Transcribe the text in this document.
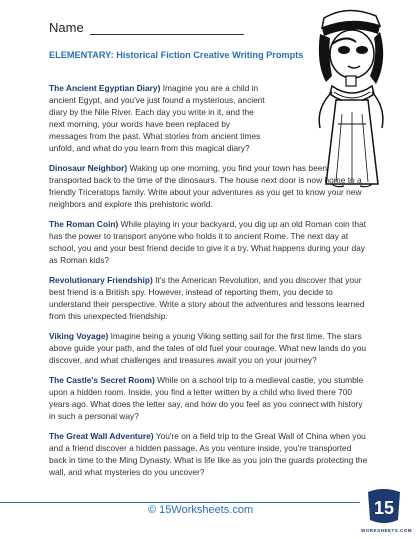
Name
ELEMENTARY: Historical Fiction Creative Writing Prompts

The Ancient Egyptian Diary) Imagine you are a child in ancient Egypt, and you've just found a mysterious, ancient diary by the Nile River. Each day you write in it, and the next morning, your words have been replaced by messages from the past. What stories from ancient times unfold, and what do you learn from this magical diary?

Dinosaur Neighbor) Waking up one morning, you find your town has been transported back to the time of the dinosaurs. The house next door is now home to a friendly Triceratops family. Write about your adventures as you get to know your new neighbors and explore this prehistoric world.

The Roman Coin) While playing in your backyard, you dig up an old Roman coin that has the power to transport anyone who holds it to ancient Rome. The next day at school, you and your best friend decide to give it a try. What happens during your day as Roman kids?

Revolutionary Friendship) It's the American Revolution, and you discover that your best friend is a British spy. However, instead of reporting them, you decide to understand their perspective. Write a story about the adventures and lessons learned from this unexpected friendship.

Viking Voyage) Imagine being a young Viking setting sail for the first time. The stars above guide your path, and the tales of old fuel your courage. What new lands do you discover, and what challenges and treasures await you on your journey?

The Castle's Secret Room) While on a school trip to a medieval castle, you stumble upon a hidden room. Inside, you find a letter written by a child who lived there 700 years ago. What does the letter say, and how do you feel as you connect with history in such a personal way?

The Great Wall Adventure) You're on a field trip to the Great Wall of China when you and a friend discover a hidden passage. As you venture inside, you're transported back in time to the Ming Dynasty. What is life like as you join the guards protecting the wall, and what mysteries do you uncover?

© 15Worksheets.com	15
WORKSHEETS.COM
